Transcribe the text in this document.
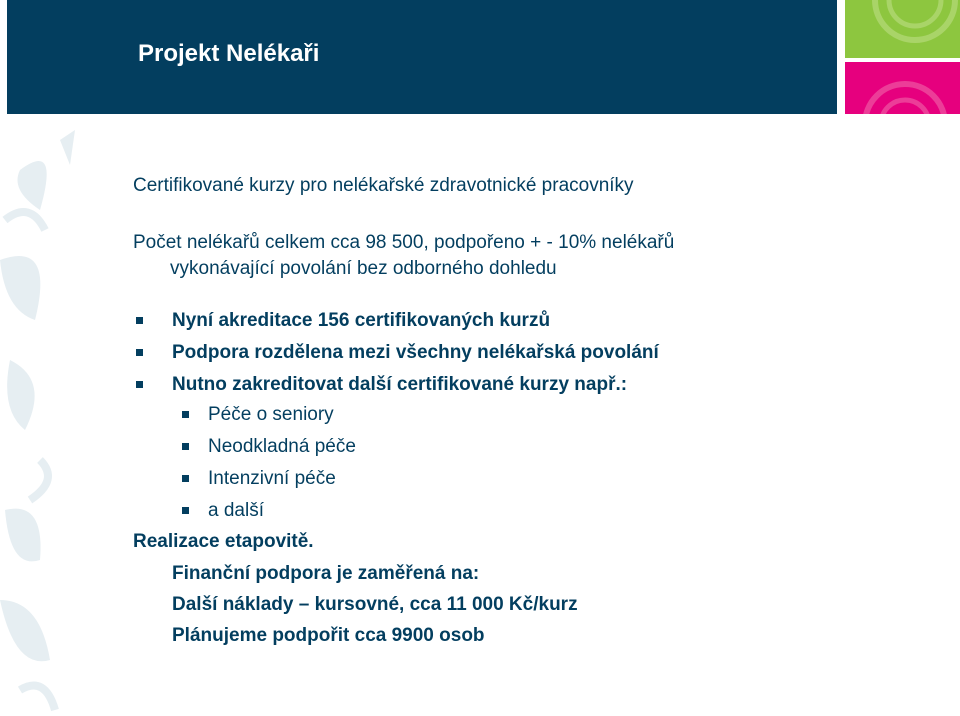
Projekt Nelékaři
Certifikované kurzy pro nelékařské zdravotnické pracovníky
Počet nelékařů celkem cca 98 500, podpořeno + - 10% nelékařů
vykonávající povolání bez odborného dohledu
Nyní akreditace 156 certifikovaných kurzů
Podpora rozdělena mezi všechny nelékařská povolání
Nutno zakreditovat další certifikované kurzy např.:
Péče o seniory
Neodkladná péče
Intenzivní péče
a další
Realizace etapovitě.
Finanční podpora je zaměřená na:
Další náklady – kursovné, cca 11 000 Kč/kurz
Plánujeme podpořit cca 9900 osob
